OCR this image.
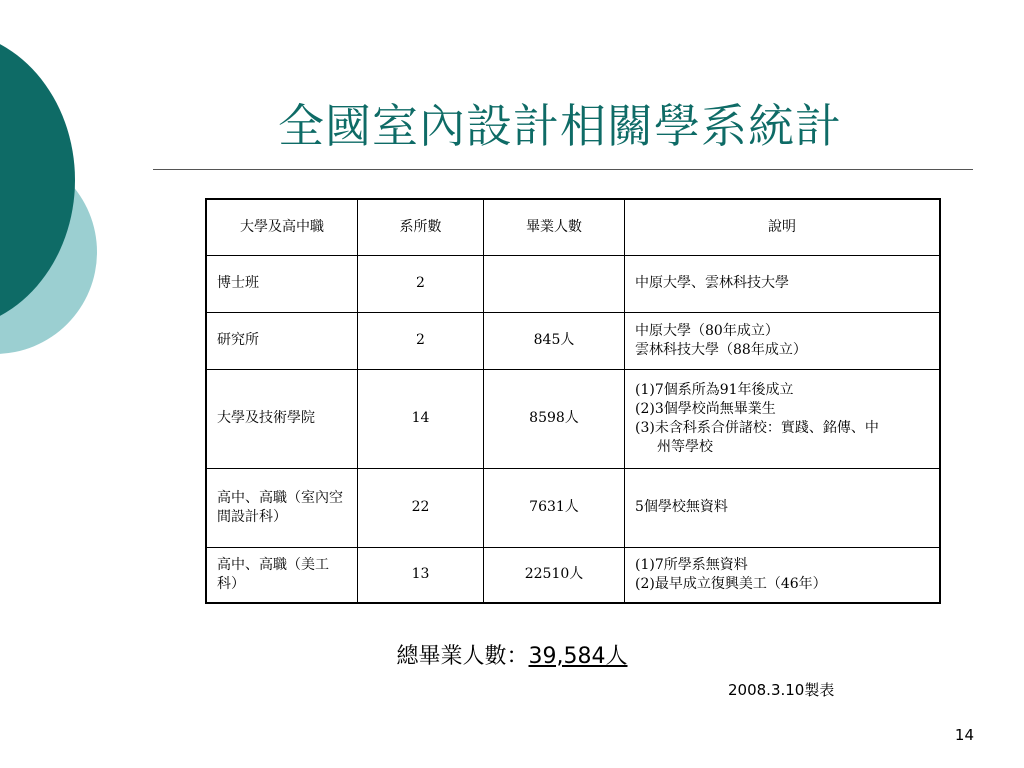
全國室內設計相關學系統計
大學及高中職	系所數	畢業人數	說明
博士班	2		中原大學、雲林科技大學

研究所	2	845人	中原大學（80年成立）
雲林科技大學（88年成立）

大學及技術學院	14	8598人	(1)7個系所為91年後成立
(2)3個學校尚無畢業生
(3)未含科系合併諸校：實踐、銘傳、中
州等學校

高中、高職（室內空間設計科）	22	7631人	5個學校無資料

高中、高職（美工科）	13	22510人	(1)7所學系無資料
(2)最早成立復興美工（46年）
總畢業人數：39,584人
2008.3.10製表
14
